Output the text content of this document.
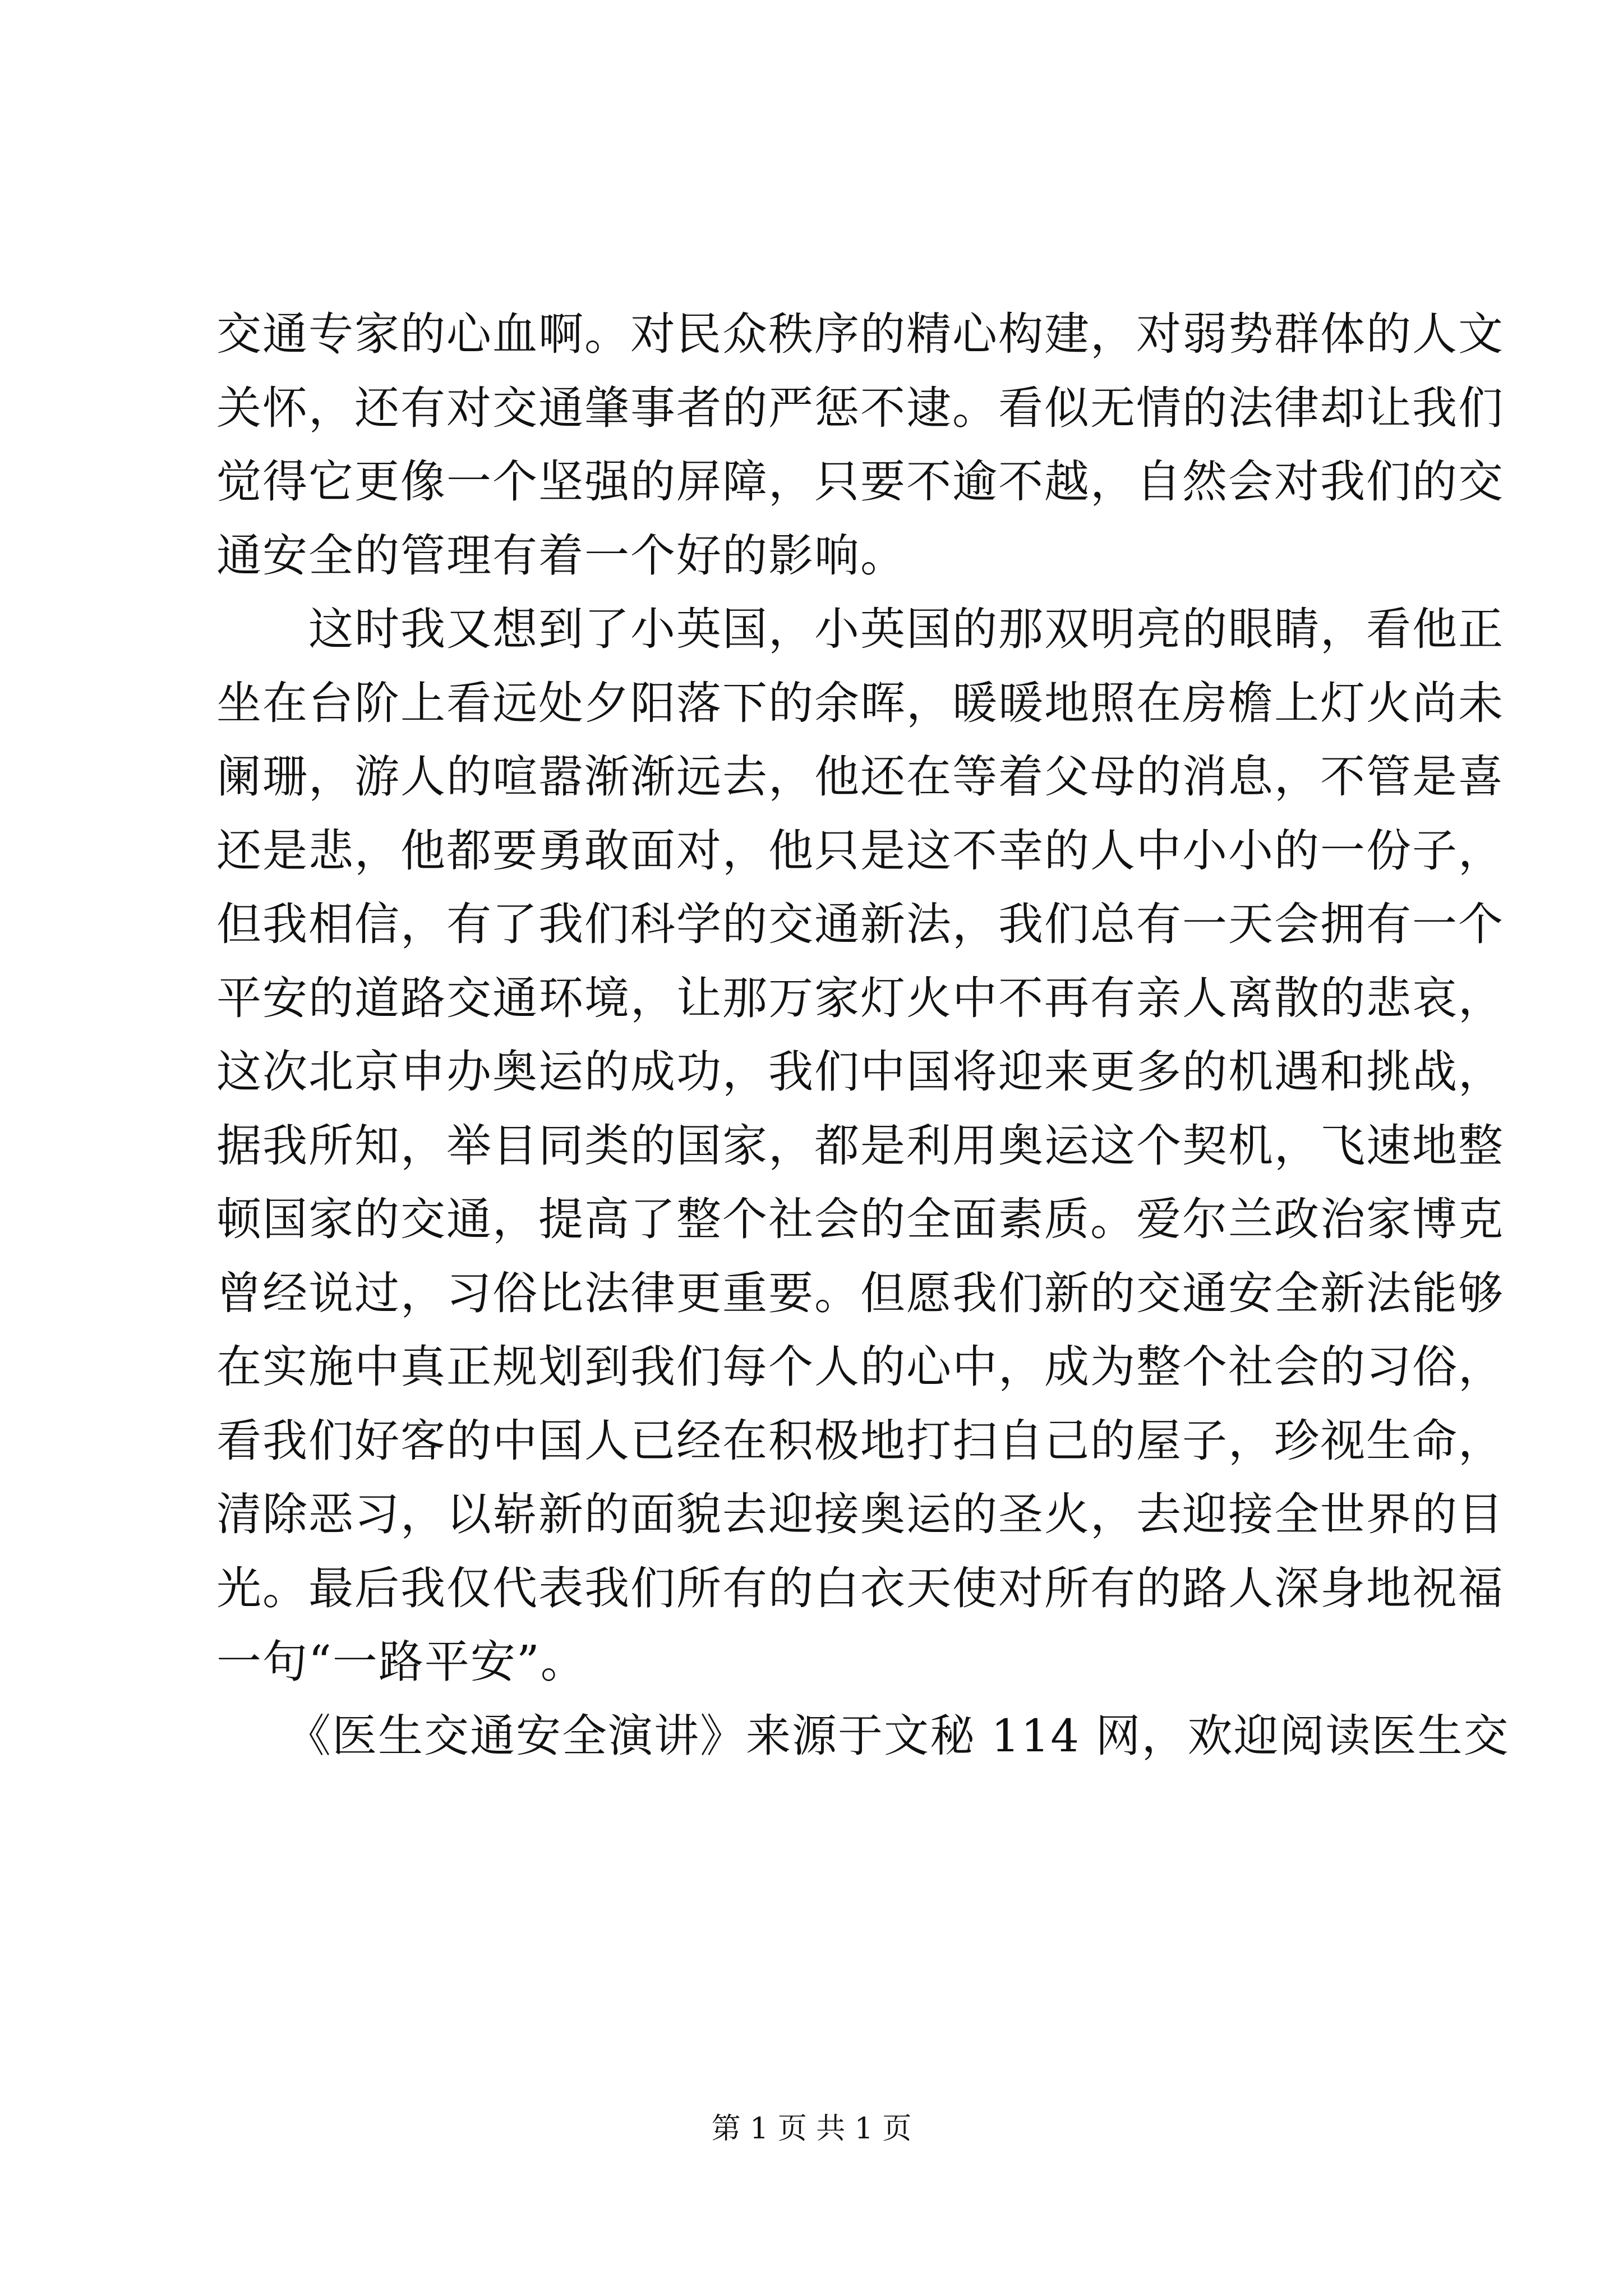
交通专家的心血啊。对民众秩序的精心构建，对弱势群体的人文
关怀，还有对交通肇事者的严惩不逮。看似无情的法律却让我们
觉得它更像一个坚强的屏障，只要不逾不越，自然会对我们的交
通安全的管理有着一个好的影响。
　　这时我又想到了小英国，小英国的那双明亮的眼睛，看他正
坐在台阶上看远处夕阳落下的余晖，暖暖地照在房檐上灯火尚未
阑珊，游人的喧嚣渐渐远去，他还在等着父母的消息，不管是喜
还是悲，他都要勇敢面对，他只是这不幸的人中小小的一份子，
但我相信，有了我们科学的交通新法，我们总有一天会拥有一个
平安的道路交通环境，让那万家灯火中不再有亲人离散的悲哀，
这次北京申办奥运的成功，我们中国将迎来更多的机遇和挑战，
据我所知，举目同类的国家，都是利用奥运这个契机，飞速地整
顿国家的交通，提高了整个社会的全面素质。爱尔兰政治家博克
曾经说过，习俗比法律更重要。但愿我们新的交通安全新法能够
在实施中真正规划到我们每个人的心中，成为整个社会的习俗，
看我们好客的中国人已经在积极地打扫自己的屋子，珍视生命，
清除恶习，以崭新的面貌去迎接奥运的圣火，去迎接全世界的目
光。最后我仅代表我们所有的白衣天使对所有的路人深身地祝福
一句“一路平安”。
　　《医生交通安全演讲》来源于文秘 114 网，欢迎阅读医生交
第 1 页 共 1 页
